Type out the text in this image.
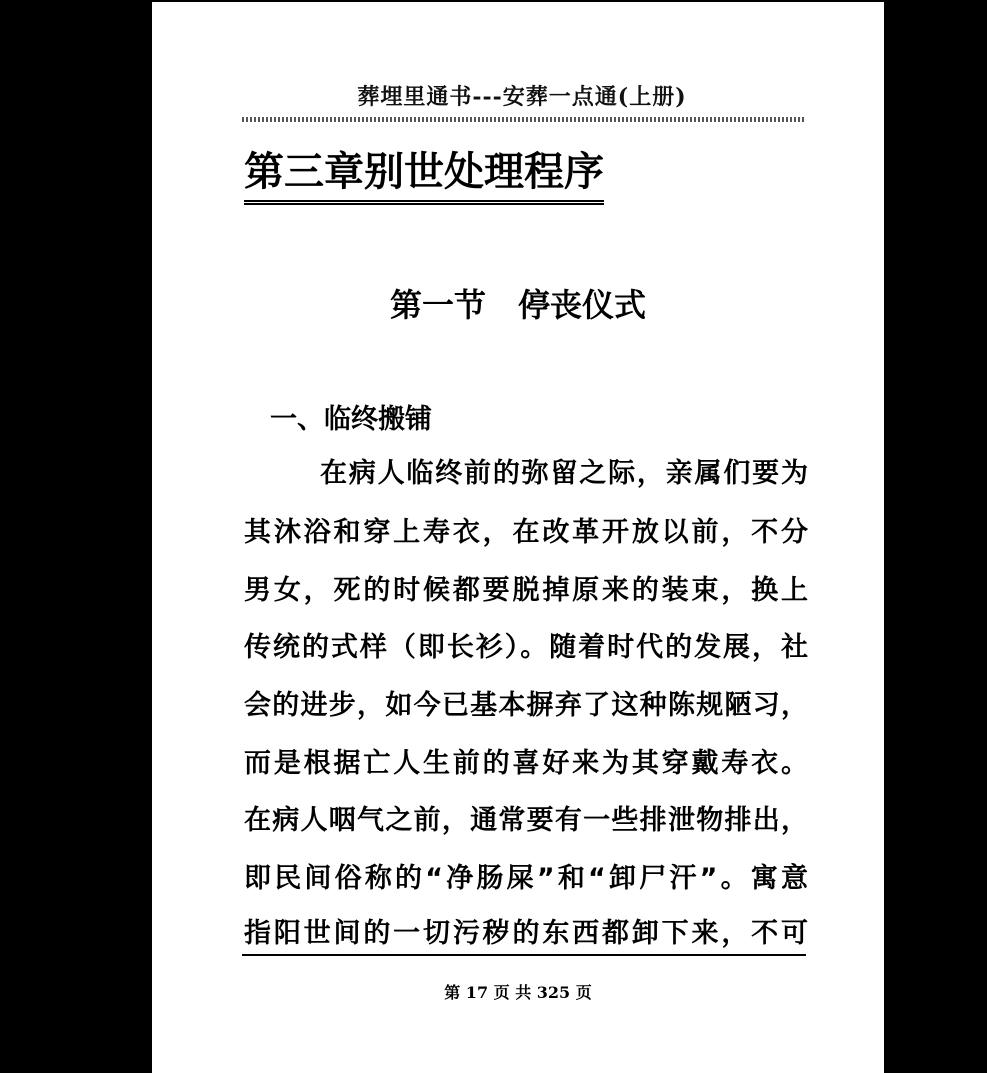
葬埋里通书---安葬一点通(上册)
第三章别世处理程序
第一节　停丧仪式
一、临终搬铺
在病人临终前的弥留之际，亲属们要为
其沐浴和穿上寿衣，在改革开放以前，不分
男女，死的时候都要脱掉原来的装束，换上
传统的式样（即长衫）。随着时代的发展，社
会的进步，如今已基本摒弃了这种陈规陋习，
而是根据亡人生前的喜好来为其穿戴寿衣。
在病人咽气之前，通常要有一些排泄物排出，
即民间俗称的“净肠屎”和“卸尸汗”。寓意
指阳世间的一切污秽的东西都卸下来，不可
第 17 页 共 325 页
